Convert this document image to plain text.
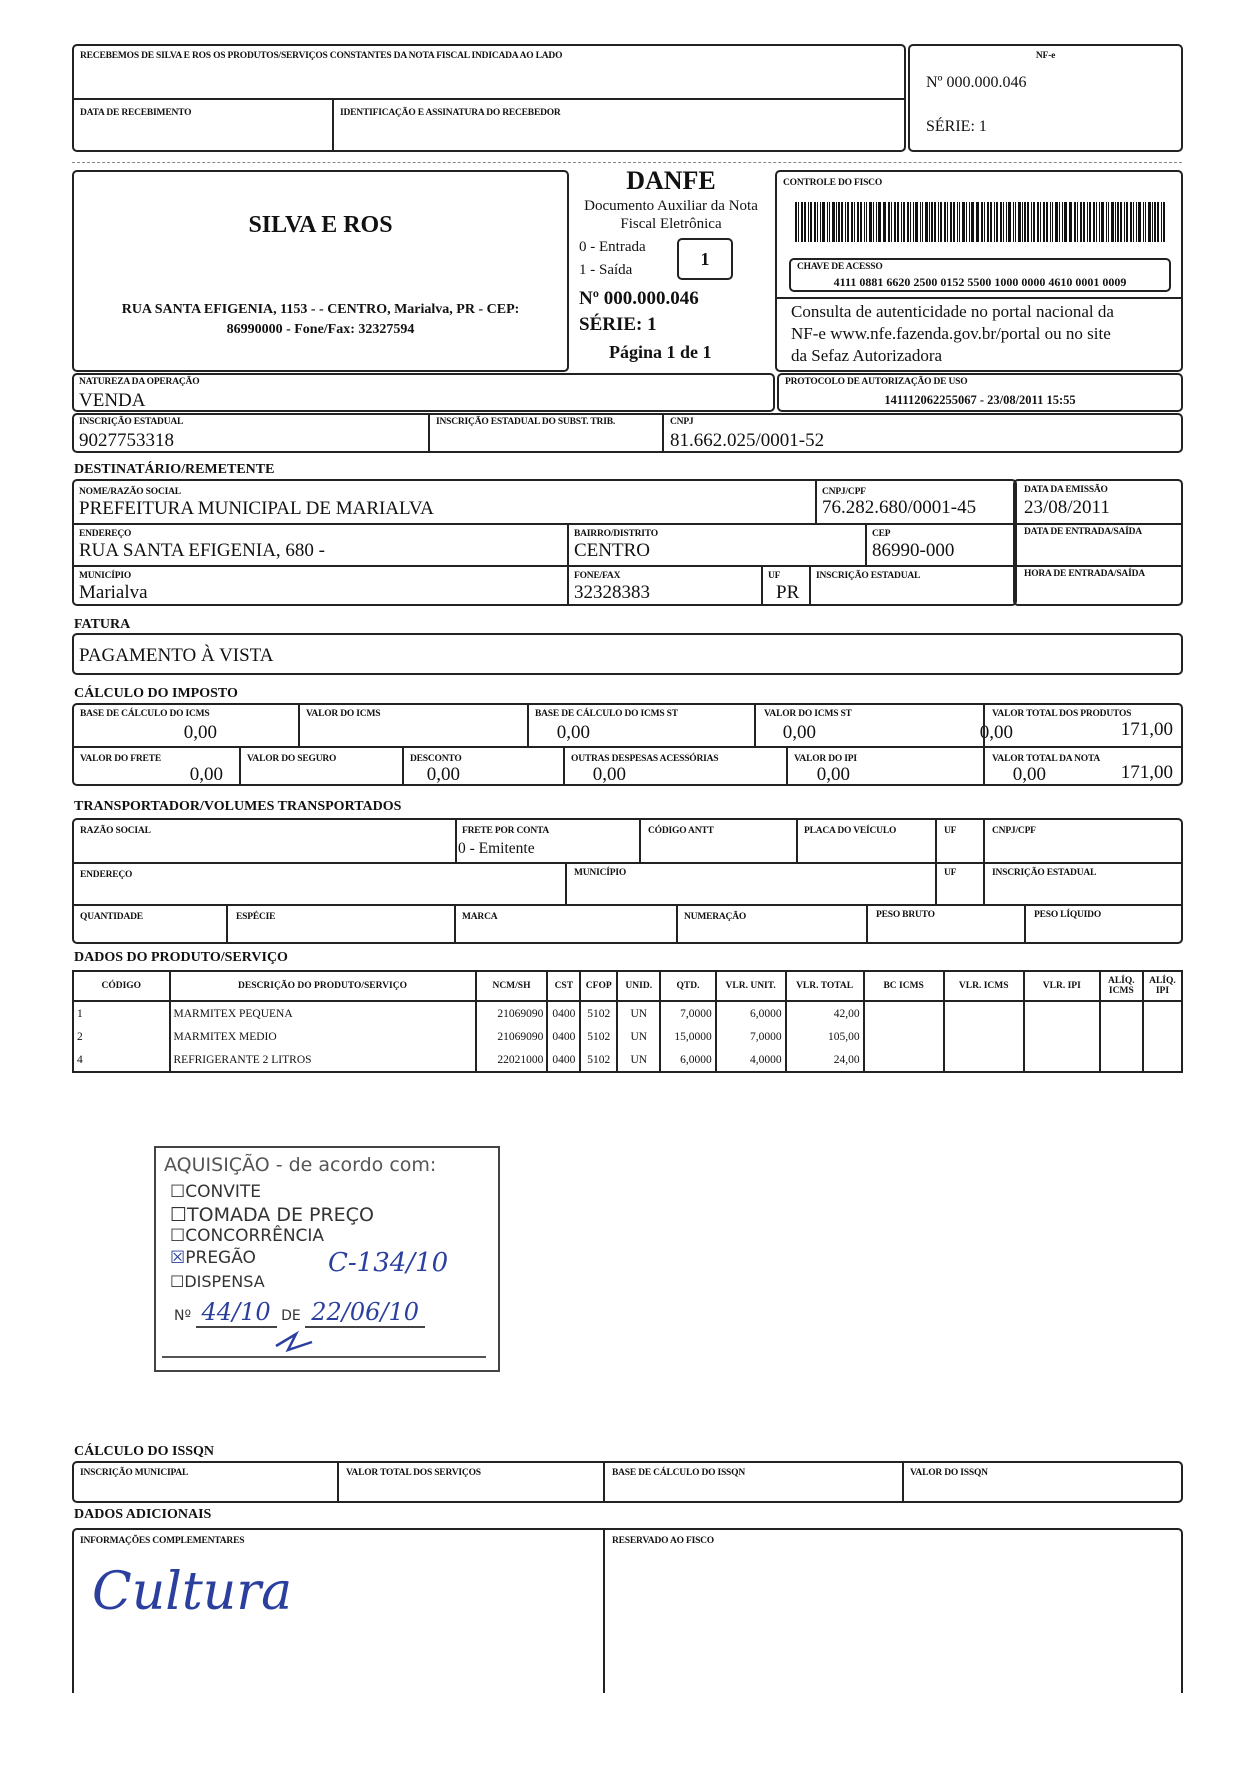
RECEBEMOS DE SILVA E ROS OS PRODUTOS/SERVIÇOS CONSTANTES DA NOTA FISCAL INDICADA AO LADO
DATA DE RECEBIMENTO	IDENTIFICAÇÃO E ASSINATURA DO RECEBEDOR
NF-e
Nº 000.000.046
SÉRIE: 1
SILVA E ROS
RUA SANTA EFIGENIA, 1153 - - CENTRO, Marialva, PR - CEP:
86990000 - Fone/Fax: 32327594
DANFE
Documento Auxiliar da Nota
Fiscal Eletrônica
0 - Entrada
1 - Saída
1
Nº 000.000.046
SÉRIE: 1
Página 1 de 1
CONTROLE DO FISCO
CHAVE DE ACESSO
4111 0881 6620 2500 0152 5500 1000 0000 4610 0001 0009
Consulta de autenticidade no portal nacional da
NF-e www.nfe.fazenda.gov.br/portal ou no site
da Sefaz Autorizadora
NATUREZA DA OPERAÇÃO
VENDA
PROTOCOLO DE AUTORIZAÇÃO DE USO
141112062255067 - 23/08/2011 15:55
INSCRIÇÃO ESTADUAL
9027753318
INSCRIÇÃO ESTADUAL DO SUBST. TRIB.	CNPJ
81.662.025/0001-52
DESTINATÁRIO/REMETENTE
NOME/RAZÃO SOCIAL
PREFEITURA MUNICIPAL DE MARIALVA
CNPJ/CPF
76.282.680/0001-45
ENDEREÇO
RUA SANTA EFIGENIA, 680 -
BAIRRO/DISTRITO
CENTRO
CEP
86990-000
MUNICÍPIO
Marialva
FONE/FAX
32328383
UF
PR
INSCRIÇÃO ESTADUAL
DATA DA EMISSÃO
23/08/2011
DATA DE ENTRADA/SAÍDA
HORA DE ENTRADA/SAÍDA
FATURA
PAGAMENTO À VISTA
CÁLCULO DO IMPOSTO
BASE DE CÁLCULO DO ICMS
0,00
VALOR DO ICMS
0,00
BASE DE CÁLCULO DO ICMS ST
0,00
VALOR DO ICMS ST
0,00
VALOR TOTAL DOS PRODUTOS
171,00
VALOR DO FRETE
0,00
VALOR DO SEGURO
0,00
DESCONTO
0,00
OUTRAS DESPESAS ACESSÓRIAS
0,00
VALOR DO IPI
0,00
VALOR TOTAL DA NOTA
171,00
TRANSPORTADOR/VOLUMES TRANSPORTADOS
RAZÃO SOCIAL	FRETE POR CONTA
0 - Emitente
CÓDIGO ANTT	PLACA DO VEÍCULO	UF	CNPJ/CPF
ENDEREÇO	MUNICÍPIO	UF	INSCRIÇÃO ESTADUAL
QUANTIDADE	ESPÉCIE	MARCA	NUMERAÇÃO	PESO BRUTO	PESO LÍQUIDO
DADOS DO PRODUTO/SERVIÇO
CÓDIGO	DESCRIÇÃO DO PRODUTO/SERVIÇO	NCM/SH	CST	CFOP	UNID.	QTD.	VLR. UNIT.	VLR. TOTAL	BC ICMS	VLR. ICMS	VLR. IPI	ALÍQ. ICMS	ALÍQ. IPI
1	MARMITEX PEQUENA	21069090	0400	5102	UN	7,0000	6,0000	42,00					
2	MARMITEX MEDIO	21069090	0400	5102	UN	15,0000	7,0000	105,00					
4	REFRIGERANTE 2 LITROS	22021000	0400	5102	UN	6,0000	4,0000	24,00					
AQUISIÇÃO - de acordo com:
☐CONVITE
☐TOMADA DE PREÇO
☐CONCORRÊNCIA
☒PREGÃO	C-134/10
☐DISPENSA
Nº 44/10 DE 22/06/10
CÁLCULO DO ISSQN
INSCRIÇÃO MUNICIPAL	VALOR TOTAL DOS SERVIÇOS	BASE DE CÁLCULO DO ISSQN	VALOR DO ISSQN
DADOS ADICIONAIS
INFORMAÇÕES COMPLEMENTARES
Cultura
RESERVADO AO FISCO
